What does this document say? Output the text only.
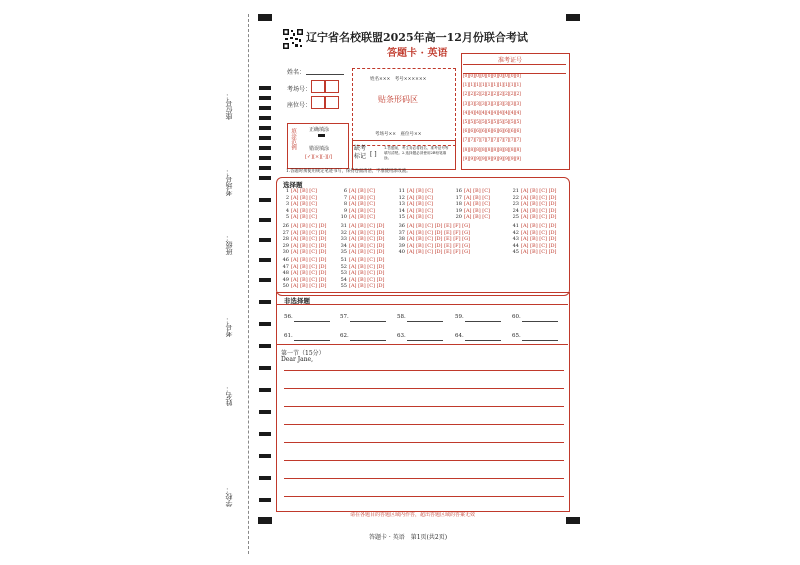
座位号：
考场号：
班级：
考号：
姓名：
学校：
辽宁省名校联盟2025年高一12月份联合考试
答题卡 · 英语
姓名：
考场号：
座位号：
姓名×××　考号××××××
贴条形码区
考场号××　座位号××
准考证号
[0][0][0][0][0][0][0][0][0][0]
[1][1][1][1][1][1][1][1][1][1]
[2][2][2][2][2][2][2][2][2][2]
[3][3][3][3][3][3][3][3][3][3]
[4][4][4][4][4][4][4][4][4][4]
[5][5][5][5][5][5][5][5][5][5]
[6][6][6][6][6][6][6][6][6][6]
[7][7][7][7][7][7][7][7][7][7]
[8][8][8][8][8][8][8][8][8][8]
[9][9][9][9][9][9][9][9][9][9]
填涂范例	正确填涂
错误填涂
[✓][×][-][/]
缺考标记 [ ]
1.答题前，考生务必将姓名、准考证号等填写清楚。2.选择题必须使用2B铅笔填涂。
1.答题时须使用规定笔迹书写，保持卷面清洁，不准使用涂改液。
选择题
1 [A] [B] [C]
2 [A] [B] [C]
3 [A] [B] [C]
4 [A] [B] [C]
5 [A] [B] [C]
6 [A] [B] [C]
7 [A] [B] [C]
8 [A] [B] [C]
9 [A] [B] [C]
10 [A] [B] [C]
11 [A] [B] [C]
12 [A] [B] [C]
13 [A] [B] [C]
14 [A] [B] [C]
15 [A] [B] [C]
16 [A] [B] [C]
17 [A] [B] [C]
18 [A] [B] [C]
19 [A] [B] [C]
20 [A] [B] [C]
21 [A] [B] [C] [D]
22 [A] [B] [C] [D]
23 [A] [B] [C] [D]
24 [A] [B] [C] [D]
25 [A] [B] [C] [D]
26 [A] [B] [C] [D]
27 [A] [B] [C] [D]
28 [A] [B] [C] [D]
29 [A] [B] [C] [D]
30 [A] [B] [C] [D]
31 [A] [B] [C] [D]
32 [A] [B] [C] [D]
33 [A] [B] [C] [D]
34 [A] [B] [C] [D]
35 [A] [B] [C] [D]
36 [A] [B] [C] [D] [E] [F] [G]
37 [A] [B] [C] [D] [E] [F] [G]
38 [A] [B] [C] [D] [E] [F] [G]
39 [A] [B] [C] [D] [E] [F] [G]
40 [A] [B] [C] [D] [E] [F] [G]
41 [A] [B] [C] [D]
42 [A] [B] [C] [D]
43 [A] [B] [C] [D]
44 [A] [B] [C] [D]
45 [A] [B] [C] [D]
46 [A] [B] [C] [D]
47 [A] [B] [C] [D]
48 [A] [B] [C] [D]
49 [A] [B] [C] [D]
50 [A] [B] [C] [D]
51 [A] [B] [C] [D]
52 [A] [B] [C] [D]
53 [A] [B] [C] [D]
54 [A] [B] [C] [D]
55 [A] [B] [C] [D]
非选择题
56.	57.	58.	59.	60.
61.	62.	63.	64.	65.
第一节（15分）
Dear Jane,
请在各题目的答题区域内作答，超出答题区域的答案无效
答题卡 · 英语　第1页(共2页)
